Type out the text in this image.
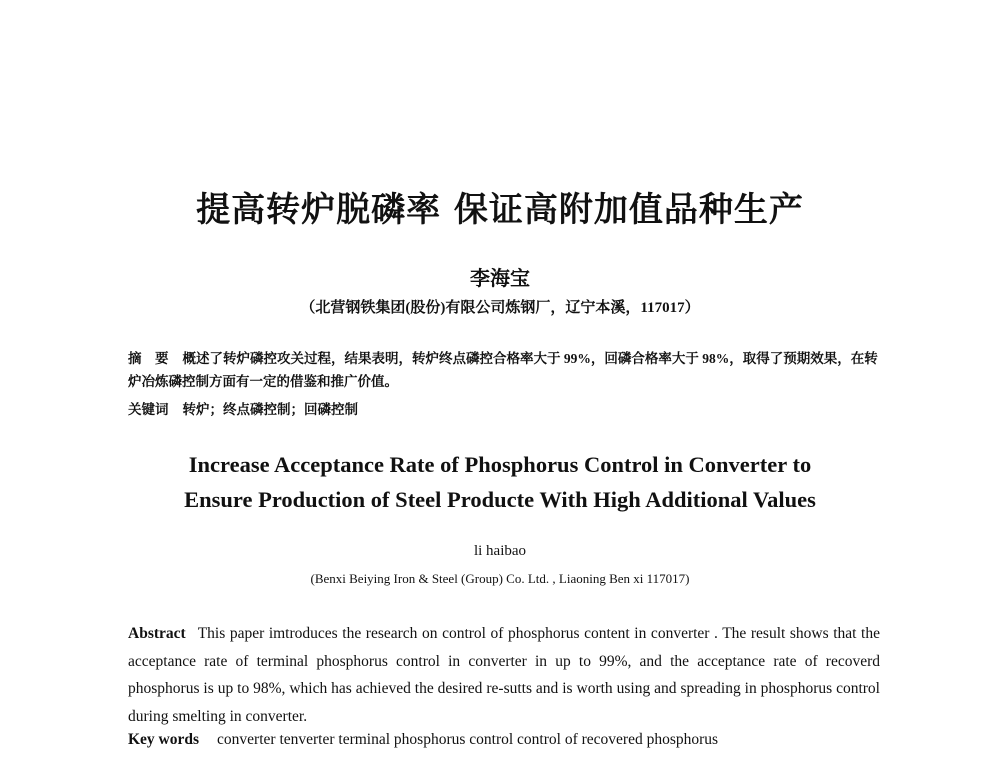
提高转炉脱磷率 保证高附加值品种生产
李海宝
（北营钢铁集团(股份)有限公司炼钢厂，辽宁本溪，117017）
摘　要 概述了转炉磷控攻关过程，结果表明，转炉终点磷控合格率大于 99%，回磷合格率大于 98%，取得了预期效果，在转炉冶炼磷控制方面有一定的借鉴和推广价值。
关键词 转炉；终点磷控制；回磷控制
Increase Acceptance Rate of Phosphorus Control in Converter to
Ensure Production of Steel Producte With High Additional Values
li haibao
(Benxi Beiying Iron & Steel (Group) Co. Ltd. , Liaoning Ben xi 117017)
Abstract This paper imtroduces the research on control of phosphorus content in converter . The result shows that the acceptance rate of terminal phosphorus control in converter in up to 99%, and the acceptance rate of recoverd phosphorus is up to 98%, which has achieved the desired re-sutts and is worth using and spreading in phosphorus control during smelting in converter.
Key words converter tenverter terminal phosphorus control control of recovered phosphorus
